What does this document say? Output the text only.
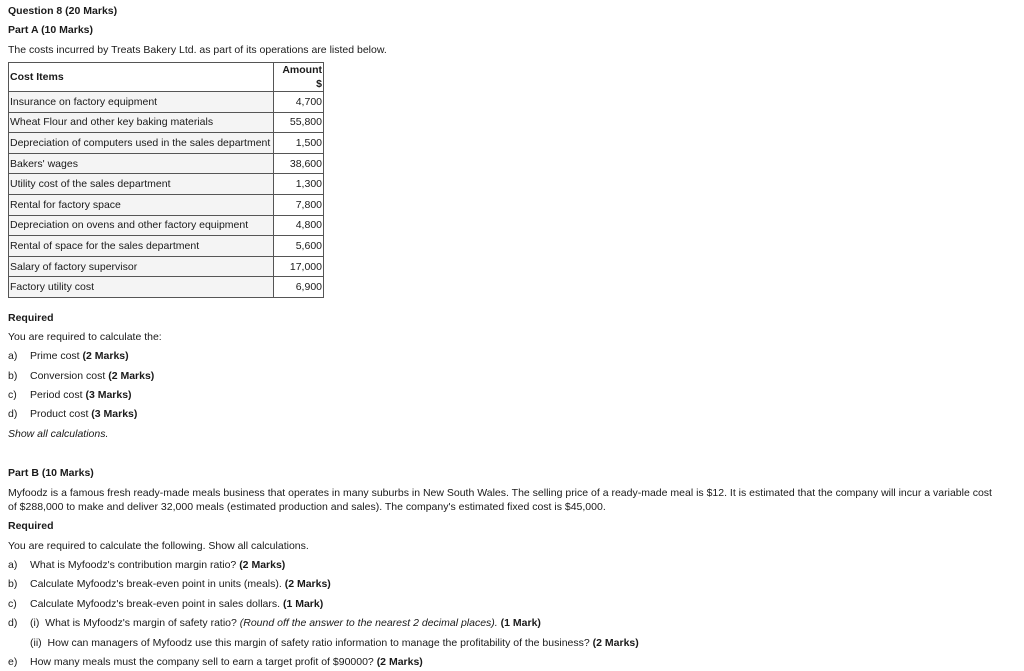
Question 8 (20 Marks)
Part A (10 Marks)
The costs incurred by Treats Bakery Ltd. as part of its operations are listed below.
Cost Items	Amount $
Insurance on factory equipment	4,700
Wheat Flour and other key baking materials	55,800
Depreciation of computers used in the sales department	1,500
Bakers' wages	38,600
Utility cost of the sales department	1,300
Rental for factory space	7,800
Depreciation on ovens and other factory equipment	4,800
Rental of space for the sales department	5,600
Salary of factory supervisor	17,000
Factory utility cost	6,900
Required
You are required to calculate the:
a) Prime cost (2 Marks)
b) Conversion cost (2 Marks)
c) Period cost (3 Marks)
d) Product cost (3 Marks)
Show all calculations.
Part B (10 Marks)
Myfoodz is a famous fresh ready-made meals business that operates in many suburbs in New South Wales. The selling price of a ready-made meal is $12. It is estimated that the company will incur a variable cost of $288,000 to make and deliver 32,000 meals (estimated production and sales). The company's estimated fixed cost is $45,000.
Required
You are required to calculate the following. Show all calculations.
a) What is Myfoodz's contribution margin ratio? (2 Marks)
b) Calculate Myfoodz's break-even point in units (meals). (2 Marks)
c) Calculate Myfoodz's break-even point in sales dollars. (1 Mark)
d) (i) What is Myfoodz's margin of safety ratio? (Round off the answer to the nearest 2 decimal places). (1 Mark)
(ii) How can managers of Myfoodz use this margin of safety ratio information to manage the profitability of the business? (2 Marks)
e) How many meals must the company sell to earn a target profit of $90000? (2 Marks)
